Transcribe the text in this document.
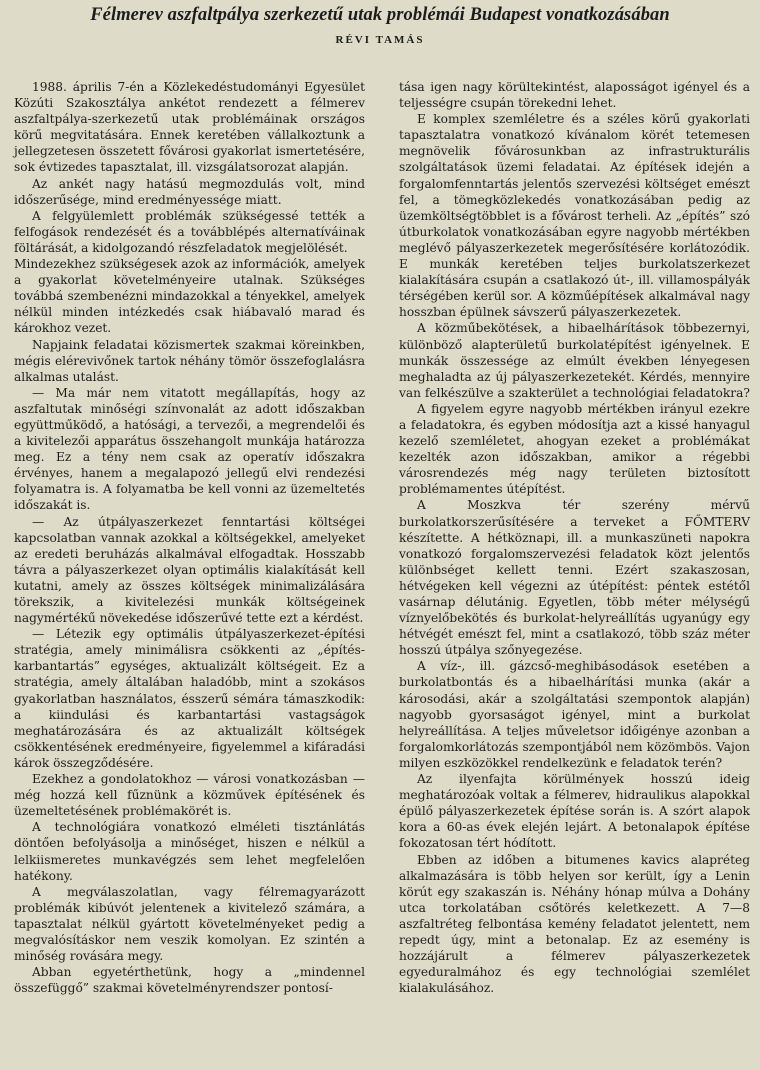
Félmerev aszfaltpálya szerkezetű utak problémái Budapest vonatkozásában
RÉVI TAMÁS

1988. április 7-én a Közlekedéstudományi Egyesület Közúti Szakosztálya ankétot rendezett a félmerev aszfaltpálya-szerkezetű utak problémáinak országos körű megvitatására. Ennek keretében vállalkoztunk a jellegzetesen összetett fővárosi gyakorlat ismertetésére, sok évtizedes tapasztalat, ill. vizsgálatsorozat alapján.

Az ankét nagy hatású megmozdulás volt, mind időszerűsége, mind eredményessége miatt.

A felgyülemlett problémák szükségessé tették a felfogások rendezését és a továbblépés alternatíváinak föltárását, a kidolgozandó részfeladatok megjelölését.

Mindezekhez szükségesek azok az információk, amelyek a gyakorlat követelményeire utalnak. Szükséges továbbá szembenézni mindazokkal a tényekkel, amelyek nélkül minden intézkedés csak hiábavaló marad és károkhoz vezet.

Napjaink feladatai közismertek szakmai köreinkben, mégis elérevivőnek tartok néhány tömör összefoglalásra alkalmas utalást.

— Ma már nem vitatott megállapítás, hogy az aszfaltutak minőségi színvonalát az adott időszakban együttműködő, a hatósági, a tervezői, a megrendelői és a kivitelezői apparátus összehangolt munkája határozza meg. Ez a tény nem csak az operatív időszakra érvényes, hanem a megalapozó jellegű elvi rendezési folyamatra is. A folyamatba be kell vonni az üzemeltetés időszakát is.

— Az útpályaszerkezet fenntartási költségei kapcsolatban vannak azokkal a költségekkel, amelyeket az eredeti beruházás alkalmával elfogadtak. Hosszabb távra a pályaszerkezet olyan optimális kialakítását kell kutatni, amely az összes költségek minimalizálására törekszik, a kivitelezési munkák költségeinek nagymértékű növekedése időszerűvé tette ezt a kérdést.

— Létezik egy optimális útpályaszerkezet-építési stratégia, amely minimálisra csökkenti az „építés-karbantartás” egységes, aktualizált költségeit. Ez a stratégia, amely általában haladóbb, mint a szokásos gyakorlatban használatos, ésszerű sémára támaszkodik: a kiindulási és karbantartási vastagságok meghatározására és az aktualizált költségek csökkentésének eredményeire, figyelemmel a kifáradási károk összegződésére.

Ezekhez a gondolatokhoz — városi vonatkozásban — még hozzá kell fűznünk a közművek építésének és üzemeltetésének problémakörét is.

A technológiára vonatkozó elméleti tisztánlátás döntően befolyásolja a minőséget, hiszen e nélkül a lelkiismeretes munkavégzés sem lehet megfelelően hatékony.

A megválaszolatlan, vagy félremagyarázott problémák kibúvót jelentenek a kivitelező számára, a tapasztalat nélkül gyártott követelményeket pedig a megvalósításkor nem veszik komolyan. Ez szintén a minőség rovására megy.

Abban egyetérthetünk, hogy a „mindennel összefüggő” szakmai követelményrendszer pontosí-

tása igen nagy körültekintést, alaposságot igényel és a teljességre csupán törekedni lehet.

E komplex szemléletre és a széles körű gyakorlati tapasztalatra vonatkozó kívánalom körét tetemesen megnövelik fővárosunkban az infrastrukturális szolgáltatások üzemi feladatai. Az építések idején a forgalomfenntartás jelentős szervezési költséget emészt fel, a tömegközlekedés vonatkozásában pedig az üzemköltségtöbblet is a fővárost terheli. Az „építés” szó útburkolatok vonatkozásában egyre nagyobb mértékben meglévő pályaszerkezetek megerősítésére korlátozódik. E munkák keretében teljes burkolatszerkezet kialakítására csupán a csatlakozó út-, ill. villamospályák térségében kerül sor. A közműépítések alkalmával nagy hosszban épülnek sávszerű pályaszerkezetek.

A közműbekötések, a hibaelhárítások többezernyi, különböző alapterületű burkolatépítést igényelnek. E munkák összessége az elmúlt években lényegesen meghaladta az új pályaszerkezetekét. Kérdés, mennyire van felkészülve a szakterület a technológiai feladatokra?

A figyelem egyre nagyobb mértékben irányul ezekre a feladatokra, és egyben módosítja azt a kissé hanyagul kezelő szemléletet, ahogyan ezeket a problémákat kezelték azon időszakban, amikor a régebbi városrendezés még nagy területen biztosított problémamentes útépítést.

A Moszkva tér szerény mérvű burkolatkorszerűsítésére a terveket a FŐMTERV készítette. A hétköznapi, ill. a munkaszüneti napokra vonatkozó forgalomszervezési feladatok közt jelentős különbséget kellett tenni. Ezért szakaszosan, hétvégeken kell végezni az útépítést: péntek estétől vasárnap délutánig. Egyetlen, több méter mélységű víznyelőbekötés és burkolat-helyreállítás ugyanúgy egy hétvégét emészt fel, mint a csatlakozó, több száz méter hosszú útpálya szőnyegezése.

A víz-, ill. gázcső-meghibásodások esetében a burkolatbontás és a hibaelhárítási munka (akár a károsodási, akár a szolgáltatási szempontok alapján) nagyobb gyorsaságot igényel, mint a burkolat helyreállítása. A teljes műveletsor időigénye azonban a forgalomkorlátozás szempontjából nem közömbös. Vajon milyen eszközökkel rendelkezünk e feladatok terén?

Az ilyenfajta körülmények hosszú ideig meghatározóak voltak a félmerev, hidraulikus alapokkal épülő pályaszerkezetek építése során is. A szórt alapok kora a 60-as évek elején lejárt. A betonalapok építése fokozatosan tért hódított.

Ebben az időben a bitumenes kavics alapréteg alkalmazására is több helyen sor került, így a Lenin körút egy szakaszán is. Néhány hónap múlva a Dohány utca torkolatában csőtörés keletkezett. A 7—8 aszfaltréteg felbontása kemény feladatot jelentett, nem repedt úgy, mint a betonalap. Ez az esemény is hozzájárult a félmerev pályaszerkezetek egyeduralmához és egy technológiai szemlélet kialakulásához.
